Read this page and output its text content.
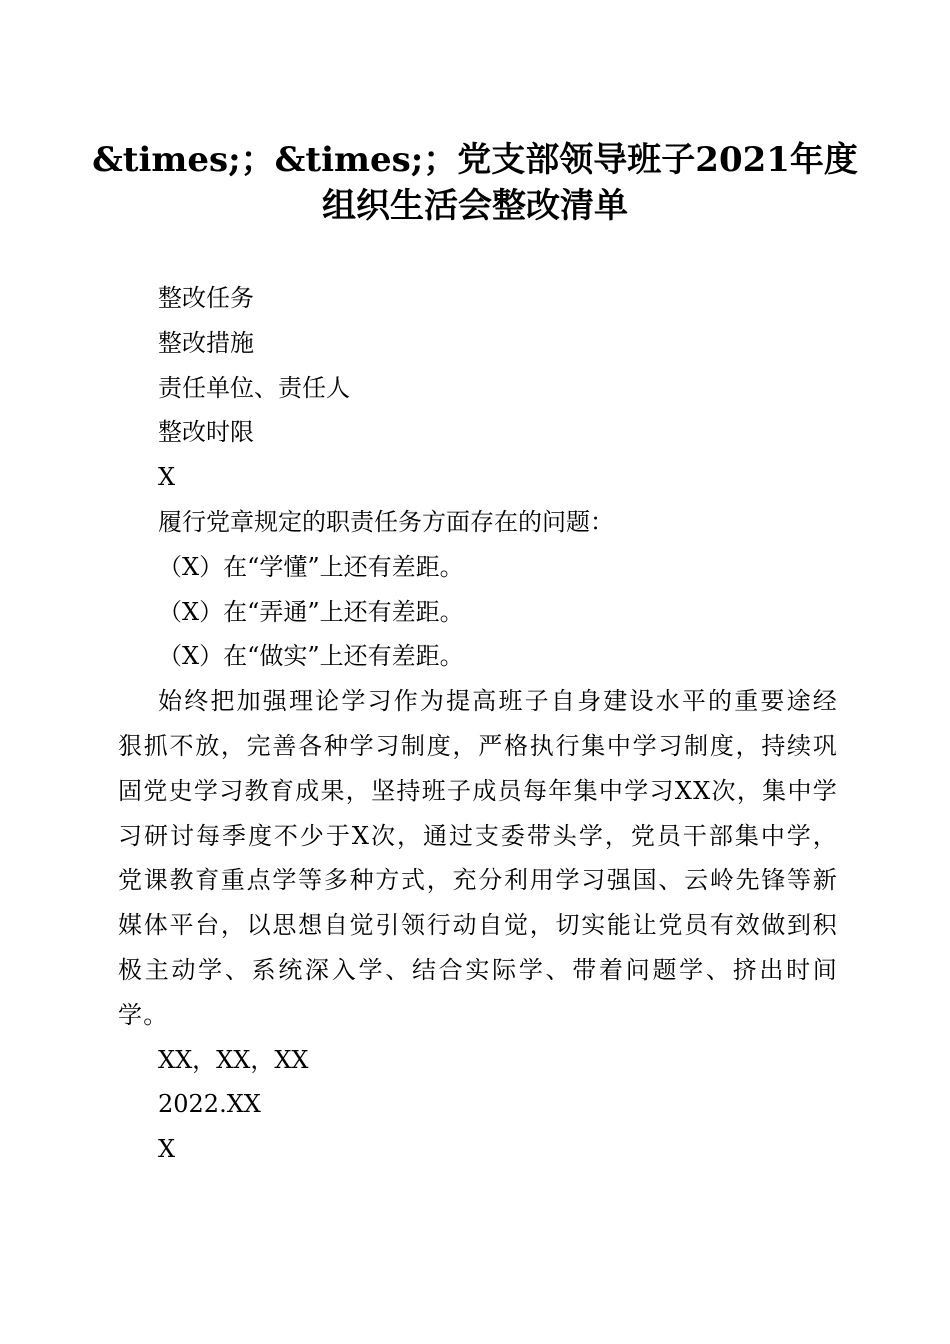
&times;；&times;；党支部领导班子2021年度
组织生活会整改清单

整改任务

整改措施

责任单位、责任人

整改时限

X

履行党章规定的职责任务方面存在的问题：

（X）在“学懂”上还有差距。

（X）在“弄通”上还有差距。

（X）在“做实”上还有差距。

始终把加强理论学习作为提高班子自身建设水平的重要途经狠抓不放，完善各种学习制度，严格执行集中学习制度，持续巩固党史学习教育成果，坚持班子成员每年集中学习XX次，集中学习研讨每季度不少于X次，通过支委带头学，党员干部集中学，党课教育重点学等多种方式，充分利用学习强国、云岭先锋等新媒体平台，以思想自觉引领行动自觉，切实能让党员有效做到积极主动学、系统深入学、结合实际学、带着问题学、挤出时间学。

XX，XX，XX

2022.XX

X
